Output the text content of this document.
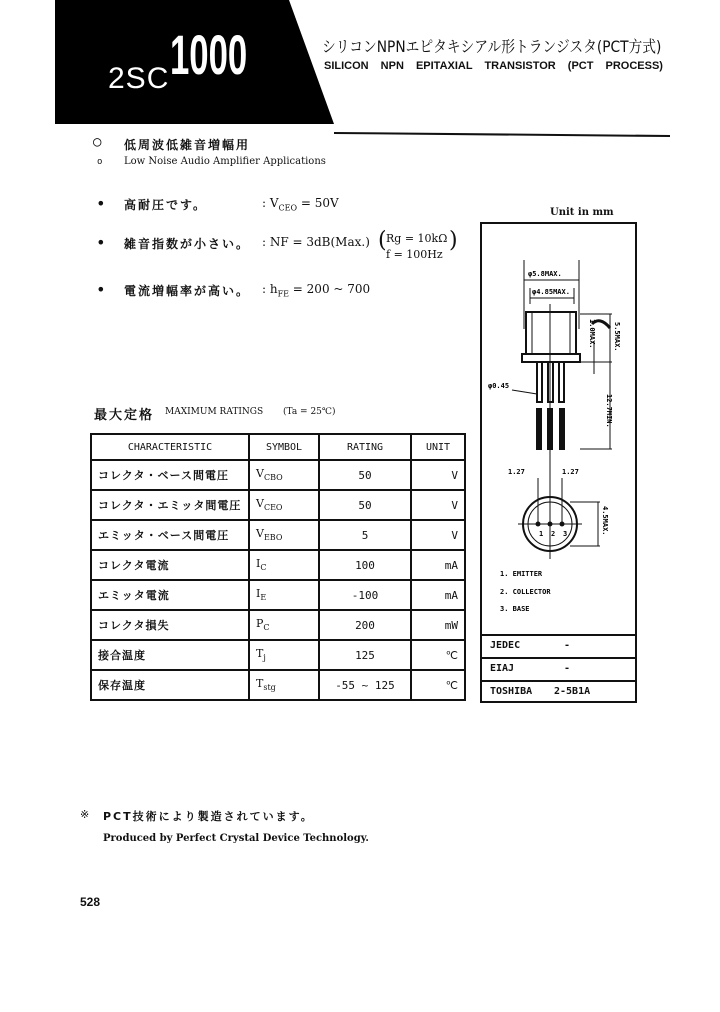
2SC 1000	シリコンNPNエピタキシアル形トランジスタ(PCT方式)
SILICON NPN EPITAXIAL TRANSISTOR (PCT PROCESS)
○ 低周波低雑音増幅用
o Low Noise Audio Amplifier Applications
• 高耐圧です。	: $V_{CEO} = 50V$
• 雑音指数が小さい。 : NF = 3dB(Max.) ( Rg = 10kΩ
f = 100Hz
)
• 電流増幅率が高い。 : $h_{FE} = 200$ ~ 700
最大定格 MAXIMUM RATINGS (Ta = 25℃)
CHARACTERISTIC	SYMBOL	RATING	UNIT
コレクタ・ベース間電圧	$V_{CBO}$	50	V
コレクタ・エミッタ間電圧	$V_{CEO}$	50	V
エミッタ・ベース間電圧	$V_{EBO}$	5	V
コレクタ電流	$I_C$	100	mA
エミッタ電流	$I_E$	-100	mA
コレクタ損失	$P_C$	200	mW
接合温度	$T_j$	125	℃
保存温度	$T_{stg}$	-55 ~ 125	℃
Unit in mm
φ5.8MAX.
φ4.85MAX.
φ0.45
1.0MAX. 5.5MAX.
12.7MIN.
1.27	1.27
1 2 3	4.5MAX.
1. EMITTER
2. COLLECTOR
3. BASE
JEDEC	-
EIAJ	-
TOSHIBA 2-5B1A
※ PCT技術により製造されています。
Produced by Perfect Crystal Device Technology.
528
